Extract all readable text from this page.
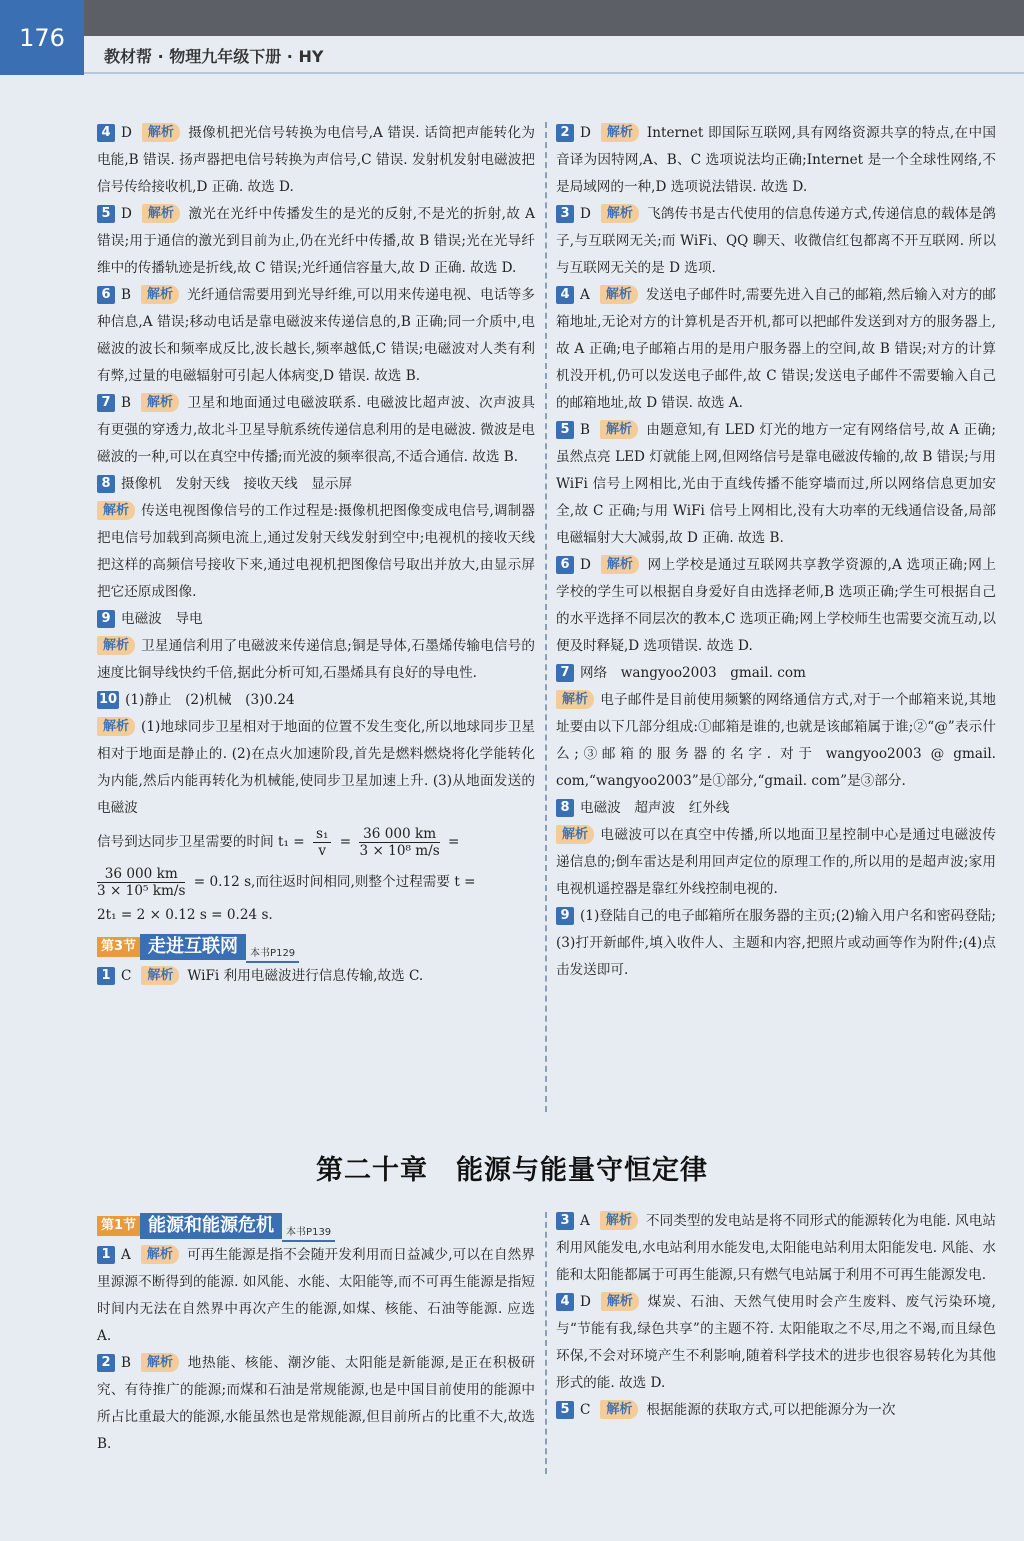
176
教材帮 · 物理九年级下册 · HY
4 D 解析 摄像机把光信号转换为电信号,A 错误. 话筒把声能转化为电能,B 错误. 扬声器把电信号转换为声信号,C 错误. 发射机发射电磁波把信号传给接收机,D 正确. 故选 D.
5 D 解析 激光在光纤中传播发生的是光的反射,不是光的折射,故 A 错误;用于通信的激光到目前为止,仍在光纤中传播,故 B 错误;光在光导纤维中的传播轨迹是折线,故 C 错误;光纤通信容量大,故 D 正确. 故选 D.
6 B 解析 光纤通信需要用到光导纤维,可以用来传递电视、电话等多种信息,A 错误;移动电话是靠电磁波来传递信息的,B 正确;同一介质中,电磁波的波长和频率成反比,波长越长,频率越低,C 错误;电磁波对人类有利有弊,过量的电磁辐射可引起人体病变,D 错误. 故选 B.
7 B 解析 卫星和地面通过电磁波联系. 电磁波比超声波、次声波具有更强的穿透力,故北斗卫星导航系统传递信息利用的是电磁波. 微波是电磁波的一种,可以在真空中传播;而光波的频率很高,不适合通信. 故选 B.
8 摄像机　发射天线　接收天线　显示屏
解析 传送电视图像信号的工作过程是:摄像机把图像变成电信号,调制器把电信号加载到高频电流上,通过发射天线发射到空中;电视机的接收天线把这样的高频信号接收下来,通过电视机把图像信号取出并放大,由显示屏把它还原成图像.
9 电磁波　导电
解析 卫星通信利用了电磁波来传递信息;铜是导体,石墨烯传输电信号的速度比铜导线快约千倍,据此分析可知,石墨烯具有良好的导电性.
10 (1)静止　(2)机械　(3)0.24
解析 (1)地球同步卫星相对于地面的位置不发生变化,所以地球同步卫星相对于地面是静止的. (2)在点火加速阶段,首先是燃料燃烧将化学能转化为内能,然后内能再转化为机械能,使同步卫星加速上升. (3)从地面发送的电磁波
信号到达同步卫星需要的时间 $t_1 = \frac{\text{s₁}}{v} = \frac{36 000 km}{\text{3 × 10⁸ m/s}}$ =
$\frac{36 000 km}{\text{3 × 10⁵ km/s}} = 0.12$ s,而往返时间相同,则整个过程需要 t =
2t₁ = 2 × 0.12 s = 0.24 s.
第3节 走进互联网 本书P129
1 C 解析 WiFi 利用电磁波进行信息传输,故选 C.
2 D 解析 Internet 即国际互联网,具有网络资源共享的特点,在中国音译为因特网,A、B、C 选项说法均正确;Internet 是一个全球性网络,不是局域网的一种,D 选项说法错误. 故选 D.
3 D 解析 飞鸽传书是古代使用的信息传递方式,传递信息的载体是鸽子,与互联网无关;而 WiFi、QQ 聊天、收微信红包都离不开互联网. 所以与互联网无关的是 D 选项.
4 A 解析 发送电子邮件时,需要先进入自己的邮箱,然后输入对方的邮箱地址,无论对方的计算机是否开机,都可以把邮件发送到对方的服务器上,故 A 正确;电子邮箱占用的是用户服务器上的空间,故 B 错误;对方的计算机没开机,仍可以发送电子邮件,故 C 错误;发送电子邮件不需要输入自己的邮箱地址,故 D 错误. 故选 A.
5 B 解析 由题意知,有 LED 灯光的地方一定有网络信号,故 A 正确;虽然点亮 LED 灯就能上网,但网络信号是靠电磁波传输的,故 B 错误;与用 WiFi 信号上网相比,光由于直线传播不能穿墙而过,所以网络信息更加安全,故 C 正确;与用 WiFi 信号上网相比,没有大功率的无线通信设备,局部电磁辐射大大减弱,故 D 正确. 故选 B.
6 D 解析 网上学校是通过互联网共享教学资源的,A 选项正确;网上学校的学生可以根据自身爱好自由选择老师,B 选项正确;学生可根据自己的水平选择不同层次的教本,C 选项正确;网上学校师生也需要交流互动,以便及时释疑,D 选项错误. 故选 D.
7 网络　wangyoo2003　gmail. com
解析 电子邮件是目前使用频繁的网络通信方式,对于一个邮箱来说,其地址要由以下几部分组成:①邮箱是谁的,也就是该邮箱属于谁;②“@”表示什么;③邮箱的服务器的名字. 对于 wangyoo2003 @ gmail. com,“wangyoo2003”是①部分,“gmail. com”是③部分.
8 电磁波　超声波　红外线
解析 电磁波可以在真空中传播,所以地面卫星控制中心是通过电磁波传递信息的;倒车雷达是利用回声定位的原理工作的,所以用的是超声波;家用电视机遥控器是靠红外线控制电视的.
9 (1)登陆自己的电子邮箱所在服务器的主页;(2)输入用户名和密码登陆;(3)打开新邮件,填入收件人、主题和内容,把照片或动画等作为附件;(4)点击发送即可.
第二十章　能源与能量守恒定律
第1节 能源和能源危机 本书P139
1 A 解析 可再生能源是指不会随开发利用而日益减少,可以在自然界里源源不断得到的能源. 如风能、水能、太阳能等,而不可再生能源是指短时间内无法在自然界中再次产生的能源,如煤、核能、石油等能源. 应选 A.
2 B 解析 地热能、核能、潮汐能、太阳能是新能源,是正在积极研究、有待推广的能源;而煤和石油是常规能源,也是中国目前使用的能源中所占比重最大的能源,水能虽然也是常规能源,但目前所占的比重不大,故选 B.
3 A 解析 不同类型的发电站是将不同形式的能源转化为电能. 风电站利用风能发电,水电站利用水能发电,太阳能电站利用太阳能发电. 风能、水能和太阳能都属于可再生能源,只有燃气电站属于利用不可再生能源发电.
4 D 解析 煤炭、石油、天然气使用时会产生废料、废气污染环境,与“节能有我,绿色共享”的主题不符. 太阳能取之不尽,用之不竭,而且绿色环保,不会对环境产生不利影响,随着科学技术的进步也很容易转化为其他形式的能. 故选 D.
5 C 解析 根据能源的获取方式,可以把能源分为一次
